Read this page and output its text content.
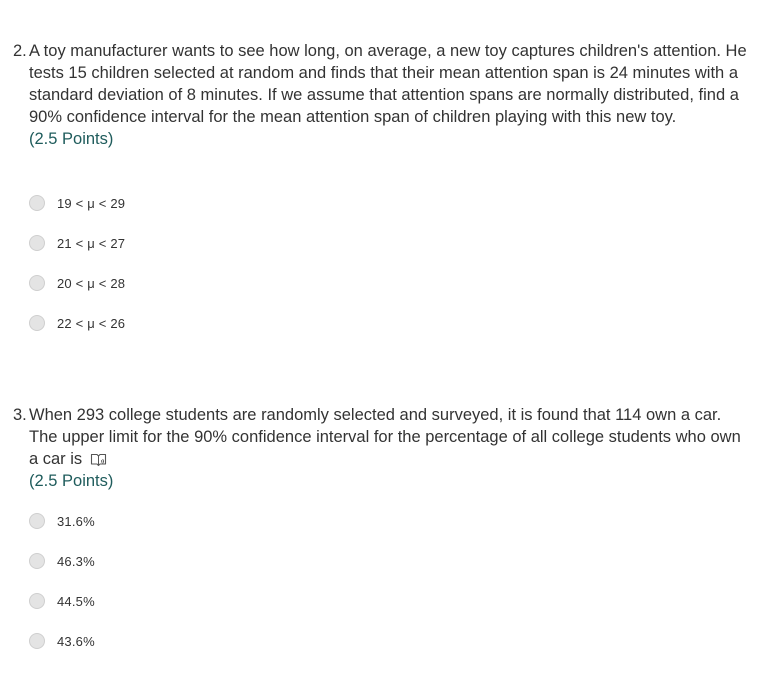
2. A toy manufacturer wants to see how long, on average, a new toy captures children's attention. He tests 15 children selected at random and finds that their mean attention span is 24 minutes with a standard deviation of 8 minutes. If we assume that attention spans are normally distributed, find a 90% confidence interval for the mean attention span of children playing with this new toy.
(2.5 Points)
19 < μ < 29
21 < μ < 27
20 < μ < 28
22 < μ < 26
3. When 293 college students are randomly selected and surveyed, it is found that 114 own a car. The upper limit for the 90% confidence interval for the percentage of all college students who own a car is
(2.5 Points)
31.6%
46.3%
44.5%
43.6%
